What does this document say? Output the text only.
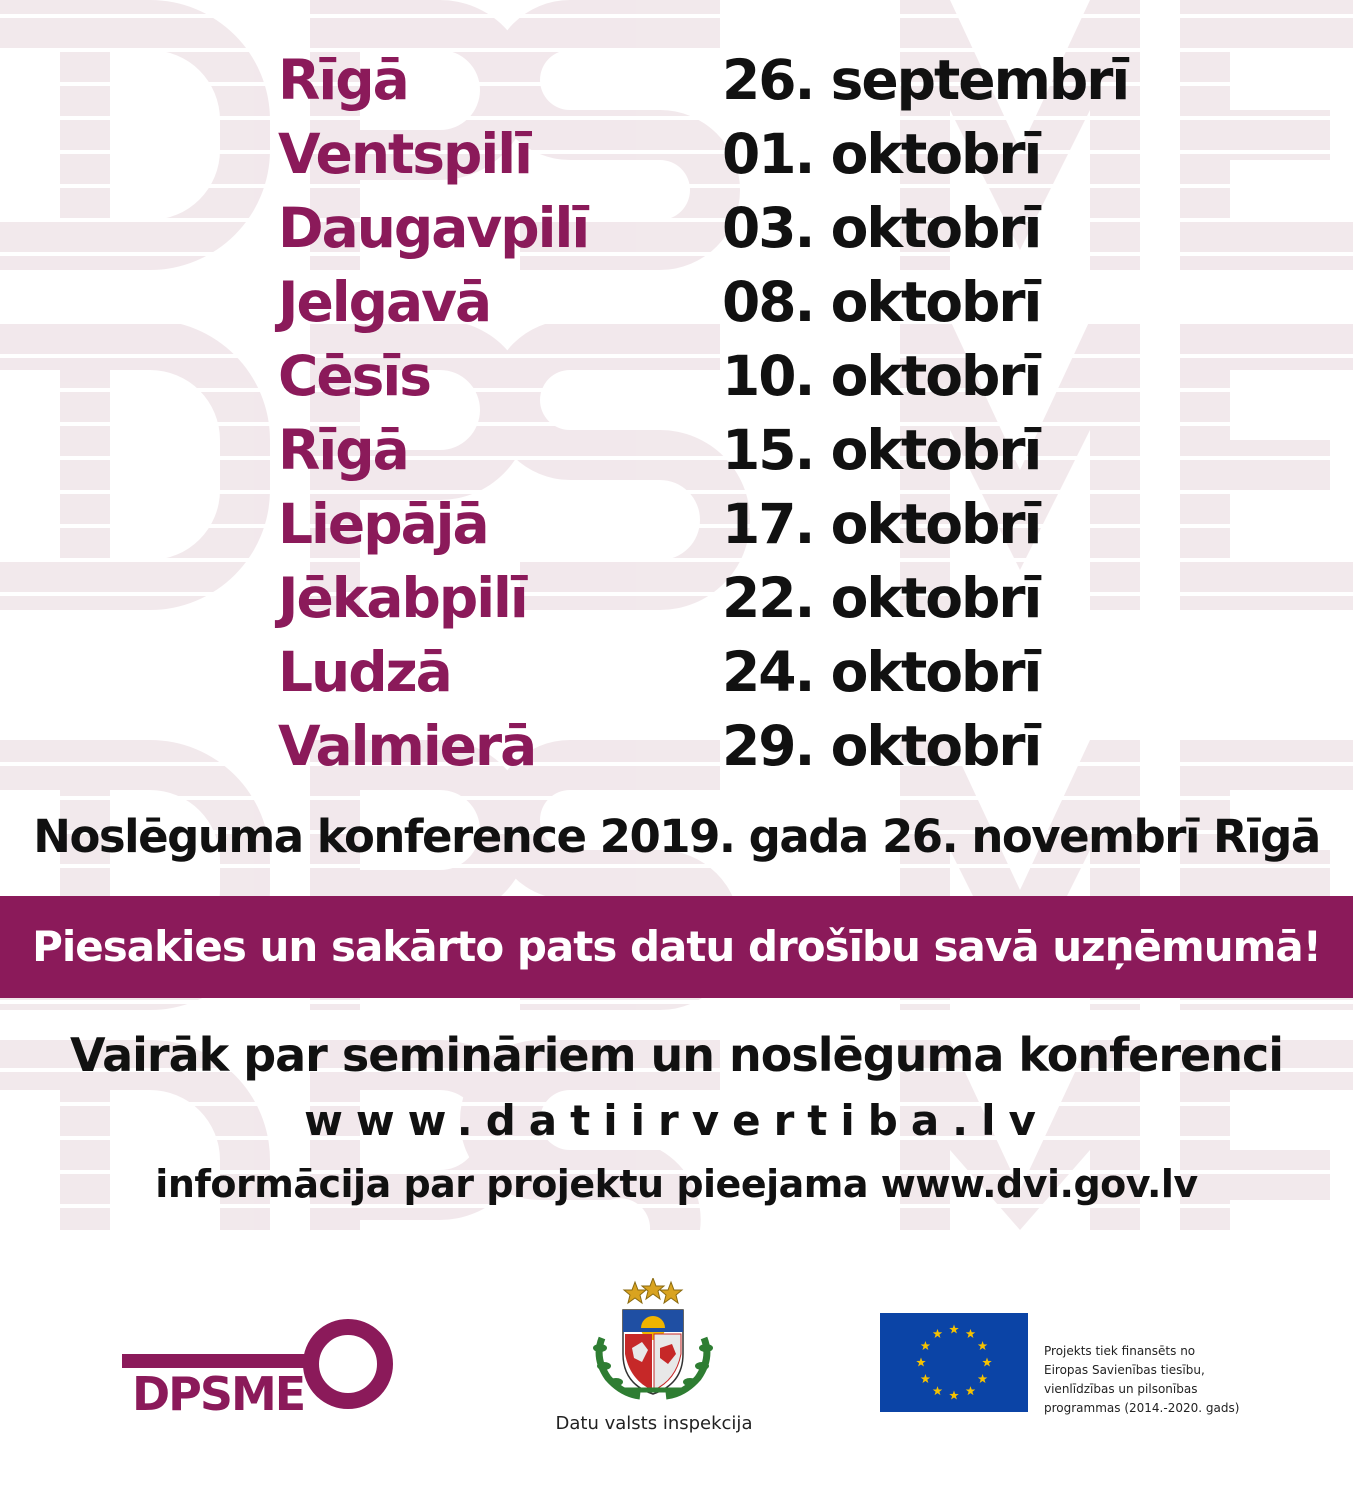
Rīgā	26. septembrī
Ventspilī	01. oktobrī
Daugavpilī 03. oktobrī
Jelgavā	08. oktobrī
Cēsīs	10. oktobrī
Rīgā	15. oktobrī
Liepājā	17. oktobrī
Jēkabpilī	22. oktobrī
Ludzā	24. oktobrī
Valmierā	29. oktobrī
Noslēguma konference 2019. gada 26. novembrī Rīgā
Piesakies un sakārto pats datu drošību savā uzņēmumā!
Vairāk par semināriem un noslēguma konferenci
www.datiirvertiba.lv
informācija par projektu pieejama www.dvi.gov.lv
DPSME
Datu valsts inspekcija
Projekts tiek finansēts no
Eiropas Savienības tiesību,
vienlīdzības un pilsonības
programmas (2014.-2020. gads)
